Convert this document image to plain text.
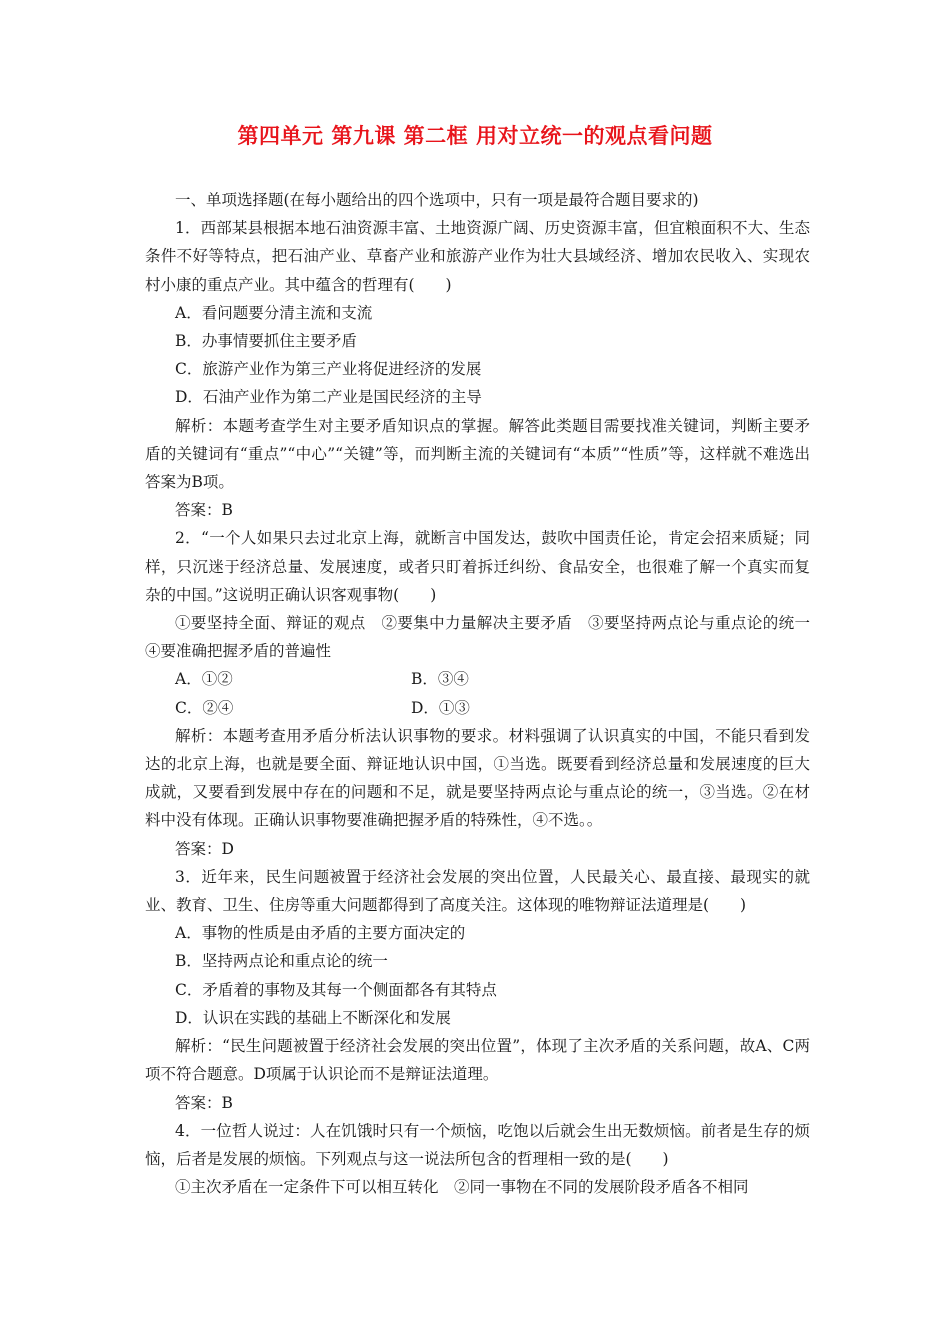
第四单元 第九课 第二框 用对立统一的观点看问题

一、单项选择题(在每小题给出的四个选项中，只有一项是最符合题目要求的)

1．西部某县根据本地石油资源丰富、土地资源广阔、历史资源丰富，但宜粮面积不大、生态条件不好等特点，把石油产业、草畜产业和旅游产业作为壮大县域经济、增加农民收入、实现农村小康的重点产业。其中蕴含的哲理有(　　)

A．看问题要分清主流和支流

B．办事情要抓住主要矛盾

C．旅游产业作为第三产业将促进经济的发展

D．石油产业作为第二产业是国民经济的主导

解析：本题考查学生对主要矛盾知识点的掌握。解答此类题目需要找准关键词，判断主要矛盾的关键词有“重点”“中心”“关键”等，而判断主流的关键词有“本质”“性质”等，这样就不难选出答案为B项。

答案：B

2．“一个人如果只去过北京上海，就断言中国发达，鼓吹中国责任论，肯定会招来质疑；同样，只沉迷于经济总量、发展速度，或者只盯着拆迁纠纷、食品安全，也很难了解一个真实而复杂的中国。”这说明正确认识客观事物(　　)

①要坚持全面、辩证的观点　②要集中力量解决主要矛盾　③要坚持两点论与重点论的统一　④要准确把握矛盾的普遍性

A．①②	B．③④
C．②④	D．①③

解析：本题考查用矛盾分析法认识事物的要求。材料强调了认识真实的中国，不能只看到发达的北京上海，也就是要全面、辩证地认识中国，①当选。既要看到经济总量和发展速度的巨大成就，又要看到发展中存在的问题和不足，就是要坚持两点论与重点论的统一，③当选。②在材料中没有体现。正确认识事物要准确把握矛盾的特殊性，④不选。。

答案：D

3．近年来，民生问题被置于经济社会发展的突出位置，人民最关心、最直接、最现实的就业、教育、卫生、住房等重大问题都得到了高度关注。这体现的唯物辩证法道理是(　　)

A．事物的性质是由矛盾的主要方面决定的

B．坚持两点论和重点论的统一

C．矛盾着的事物及其每一个侧面都各有其特点

D．认识在实践的基础上不断深化和发展

解析：“民生问题被置于经济社会发展的突出位置”，体现了主次矛盾的关系问题，故A、C两项不符合题意。D项属于认识论而不是辩证法道理。

答案：B

4．一位哲人说过：人在饥饿时只有一个烦恼，吃饱以后就会生出无数烦恼。前者是生存的烦恼，后者是发展的烦恼。下列观点与这一说法所包含的哲理相一致的是(　　)

①主次矛盾在一定条件下可以相互转化　②同一事物在不同的发展阶段矛盾各不相同
